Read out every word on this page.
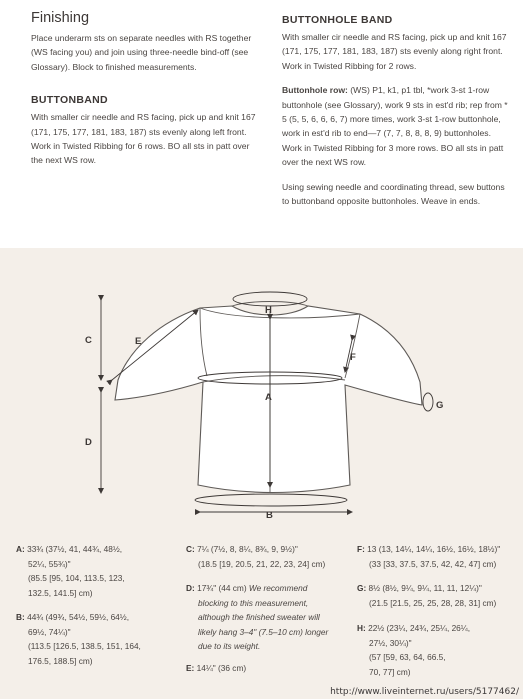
Finishing

Place underarm sts on separate needles with RS together (WS facing you) and join using three-needle bind-off (see Glossary). Block to finished measurements.

BUTTONBAND

With smaller cir needle and RS facing, pick up and knit 167 (171, 175, 177, 181, 183, 187) sts evenly along left front. Work in Twisted Ribbing for 6 rows. BO all sts in patt over the next WS row.

BUTTONHOLE BAND

With smaller cir needle and RS facing, pick up and knit 167 (171, 175, 177, 181, 183, 187) sts evenly along right front. Work in Twisted Ribbing for 2 rows.

Buttonhole row: (WS) P1, k1, p1 tbl, *work 3-st 1-row buttonhole (see Glossary), work 9 sts in est'd rib; rep from * 5 (5, 5, 6, 6, 6, 7) more times, work 3-st 1-row buttonhole, work in est'd rib to end—7 (7, 7, 8, 8, 8, 9) buttonholes. Work in Twisted Ribbing for 3 more rows. BO all sts in patt over the next WS row.

Using sewing needle and coordinating thread, sew buttons to buttonband opposite buttonholes. Weave in ends.

H
A
B
C
D
E
F
G
A: 33¾ (37½, 41, 44¾, 48½,
52¼, 55¾)"
(85.5 [95, 104, 113.5, 123,
132.5, 141.5] cm)
B: 44¾ (49¾, 54½, 59½, 64½,
69½, 74¼)"
(113.5 [126.5, 138.5, 151, 164,
176.5, 188.5] cm)
C: 7¼ (7½, 8, 8¼, 8¾, 9, 9½)"
(18.5 [19, 20.5, 21, 22, 23, 24] cm)
D: 17¾" (44 cm) We recommend
blocking to this measurement,
although the finished sweater will
likely hang 3–4" (7.5–10 cm) longer
due to its weight.
E: 14¼" (36 cm)
F: 13 (13, 14¼, 14¼, 16½, 16½, 18½)"
(33 [33, 37.5, 37.5, 42, 42, 47] cm)
G: 8½ (8½, 9¼, 9¼, 11, 11, 12¼)"
(21.5 [21.5, 25, 25, 28, 28, 31] cm)
H: 22½ (23¼, 24¾, 25¼, 26¼,
27½, 30¼)"
(57 [59, 63, 64, 66.5,
70, 77] cm)
http://www.liveinternet.ru/users/5177462/
